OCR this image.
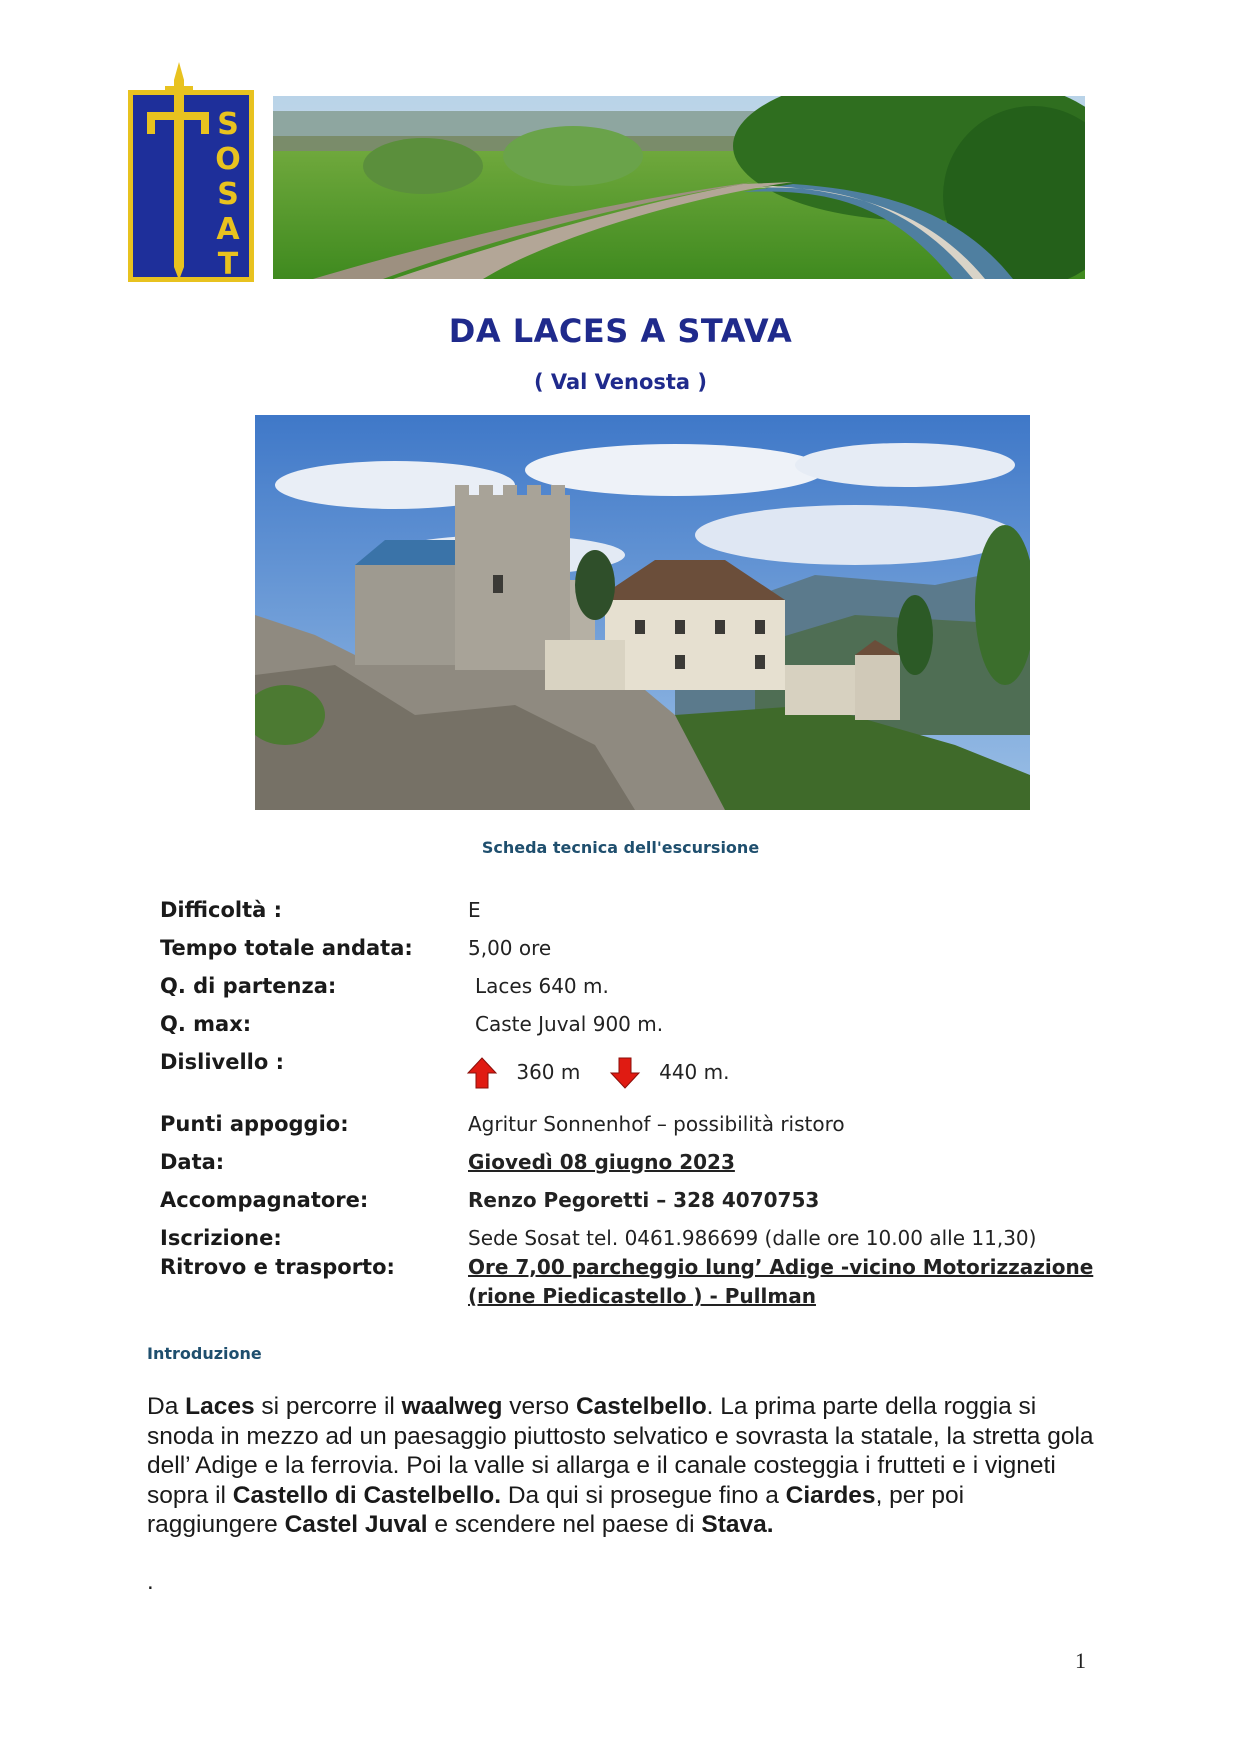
S
O
S
A
T
DA LACES A STAVA
( Val Venosta )
Scheda tecnica dell'escursione
Difficoltà :	E
Tempo totale andata:	5,00 ore
Q. di partenza:	Laces 640 m.
Q. max:	Caste Juval 900 m.
Dislivello :	360 m	440 m.
Punti appoggio:	Agritur Sonnenhof – possibilità ristoro
Data:	Giovedì 08 giugno 2023
Accompagnatore:	Renzo Pegoretti – 328 4070753
Iscrizione:	Sede Sosat tel. 0461.986699 (dalle ore 10.00 alle 11,30)
Ritrovo e trasporto:	Ore 7,00 parcheggio lung’ Adige -vicino Motorizzazione
(rione Piedicastello ) - Pullman
Introduzione
Da Laces si percorre il waalweg verso Castelbello. La prima parte della roggia si snoda in mezzo ad un paesaggio piuttosto selvatico e sovrasta la statale, la stretta gola dell’ Adige e la ferrovia. Poi la valle si allarga e il canale costeggia i frutteti e i vigneti sopra il Castello di Castelbello. Da qui si prosegue fino a Ciardes, per poi raggiungere Castel Juval e scendere nel paese di Stava.
.
1
